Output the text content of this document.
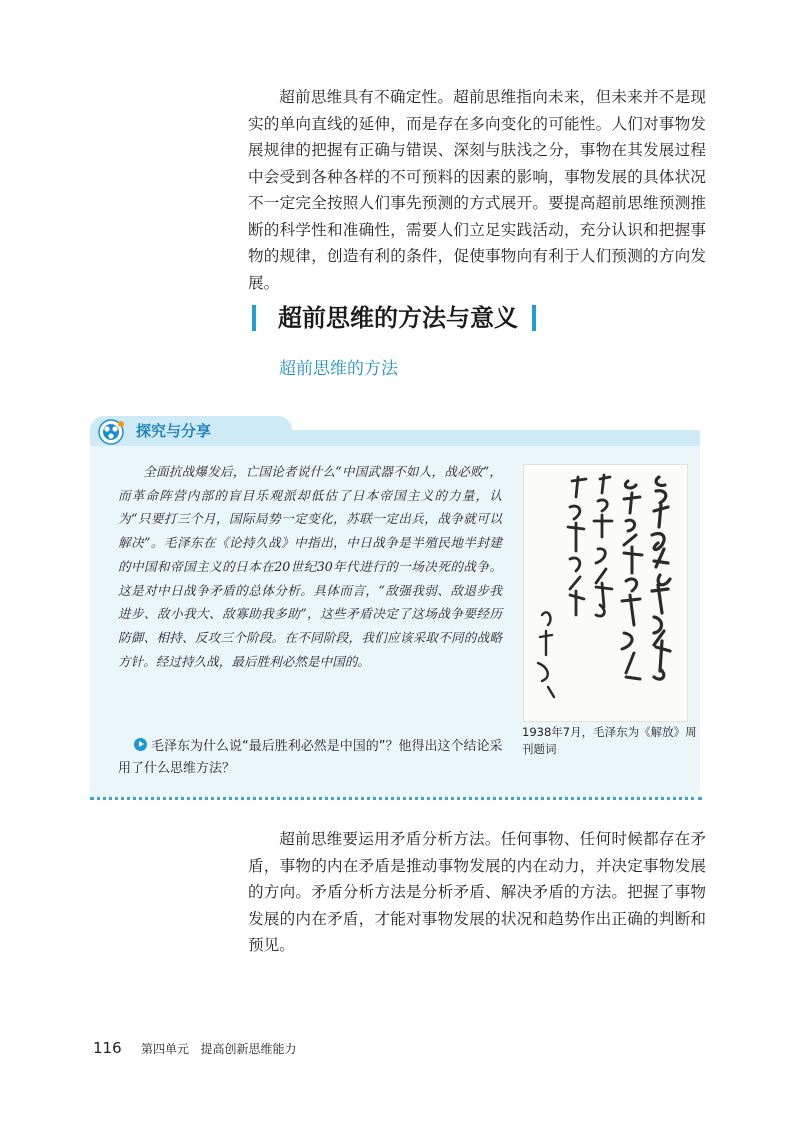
超前思维具有不确定性。超前思维指向未来，但未来并不是现实的单向直线的延伸，而是存在多向变化的可能性。人们对事物发展规律的把握有正确与错误、深刻与肤浅之分，事物在其发展过程中会受到各种各样的不可预料的因素的影响，事物发展的具体状况不一定完全按照人们事先预测的方式展开。要提高超前思维预测推断的科学性和准确性，需要人们立足实践活动，充分认识和把握事物的规律，创造有利的条件，促使事物向有利于人们预测的方向发展。

超前思维的方法与意义
超前思维的方法
探究与分享

全面抗战爆发后，亡国论者说什么“中国武器不如人，战必败”，而革命阵营内部的盲目乐观派却低估了日本帝国主义的力量，认为“只要打三个月，国际局势一定变化，苏联一定出兵，战争就可以解决”。毛泽东在《论持久战》中指出，中日战争是半殖民地半封建的中国和帝国主义的日本在20世纪30年代进行的一场决死的战争。这是对中日战争矛盾的总体分析。具体而言，“敌强我弱、敌退步我进步、敌小我大、敌寡助我多助”，这些矛盾决定了这场战争要经历防御、相持、反攻三个阶段。在不同阶段，我们应该采取不同的战略方针。经过持久战，最后胜利必然是中国的。

毛泽东为什么说“最后胜利必然是中国的”？他得出这个结论采用了什么思维方法？

1938年7月，毛泽东为《解放》周刊题词

超前思维要运用矛盾分析方法。任何事物、任何时候都存在矛盾，事物的内在矛盾是推动事物发展的内在动力，并决定事物发展的方向。矛盾分析方法是分析矛盾、解决矛盾的方法。把握了事物发展的内在矛盾，才能对事物发展的状况和趋势作出正确的判断和预见。

116 第四单元   提高创新思维能力
